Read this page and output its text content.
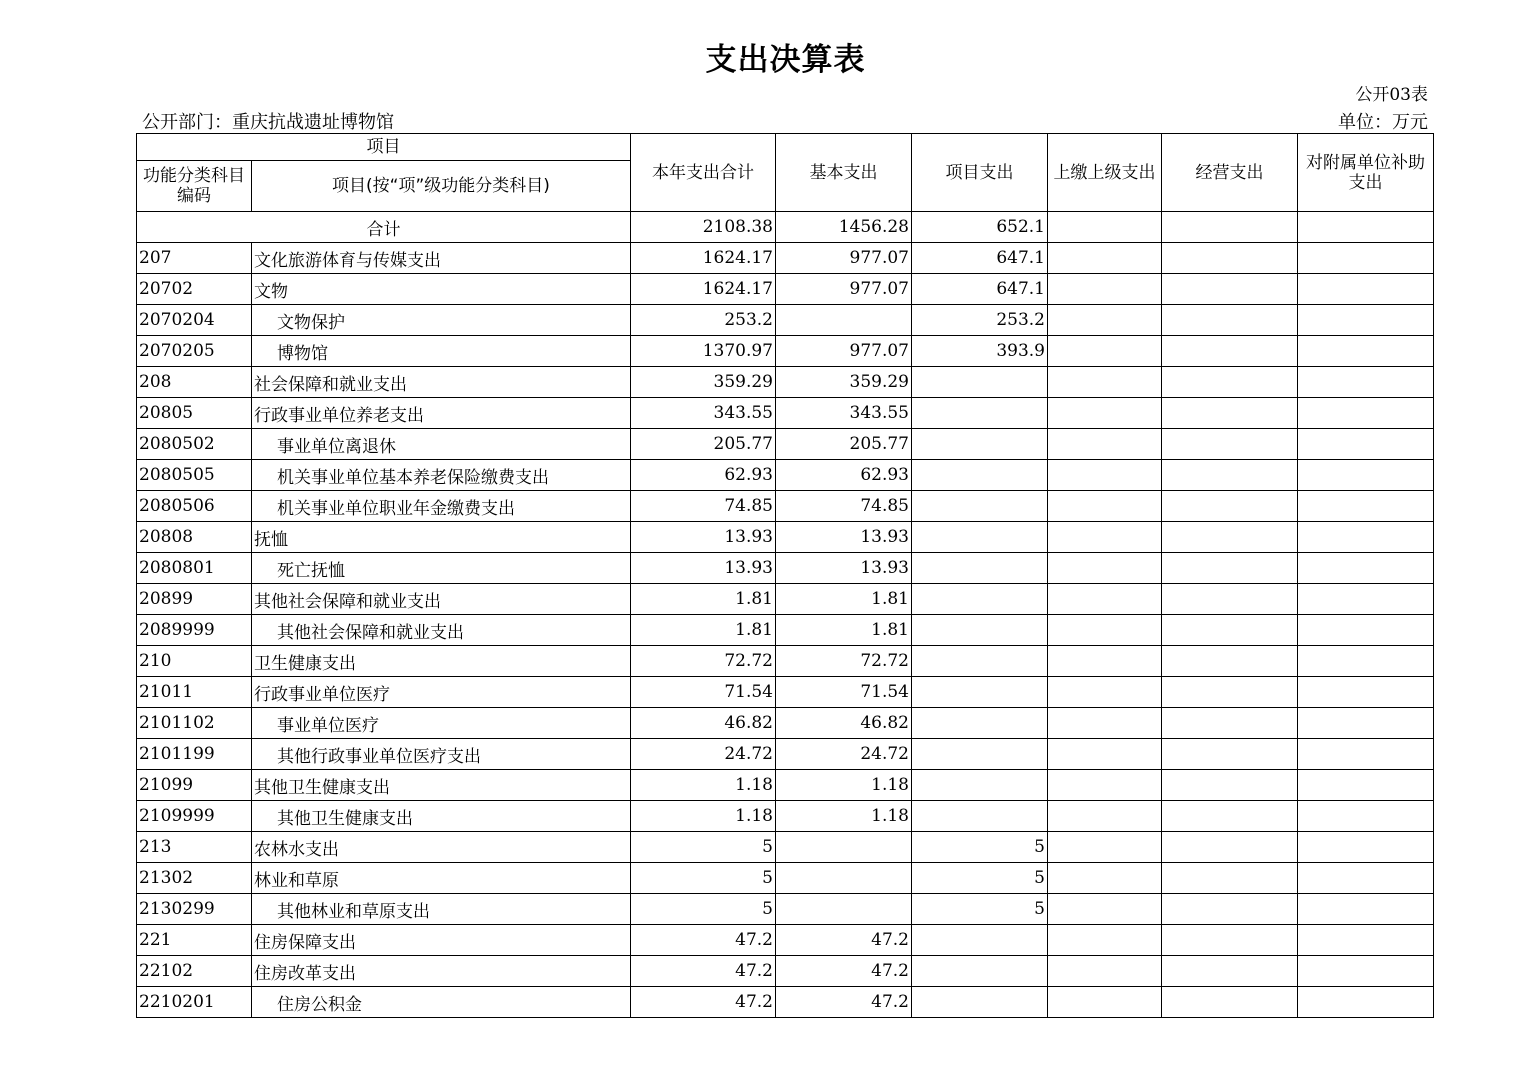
支出决算表
公开03表
公开部门：重庆抗战遗址博物馆	单位：万元
项目		本年支出合计	基本支出	项目支出	上缴上级支出	经营支出	对附属单位补助支出
功能分类科目编码	项目(按“项”级功能分类科目)						
合计		2108.38	1456.28	652.1			
207	文化旅游体育与传媒支出	1624.17	977.07	647.1			
20702	文物	1624.17	977.07	647.1			
2070204	文物保护	253.2		253.2			
2070205	博物馆	1370.97	977.07	393.9			
208	社会保障和就业支出	359.29	359.29				
20805	行政事业单位养老支出	343.55	343.55				
2080502	事业单位离退休	205.77	205.77				
2080505	机关事业单位基本养老保险缴费支出	62.93	62.93				
2080506	机关事业单位职业年金缴费支出	74.85	74.85				
20808	抚恤	13.93	13.93				
2080801	死亡抚恤	13.93	13.93				
20899	其他社会保障和就业支出	1.81	1.81				
2089999	其他社会保障和就业支出	1.81	1.81				
210	卫生健康支出	72.72	72.72				
21011	行政事业单位医疗	71.54	71.54				
2101102	事业单位医疗	46.82	46.82				
2101199	其他行政事业单位医疗支出	24.72	24.72				
21099	其他卫生健康支出	1.18	1.18				
2109999	其他卫生健康支出	1.18	1.18				
213	农林水支出	5		5			
21302	林业和草原	5		5			
2130299	其他林业和草原支出	5		5			
221	住房保障支出	47.2	47.2				
22102	住房改革支出	47.2	47.2				
2210201	住房公积金	47.2	47.2				
